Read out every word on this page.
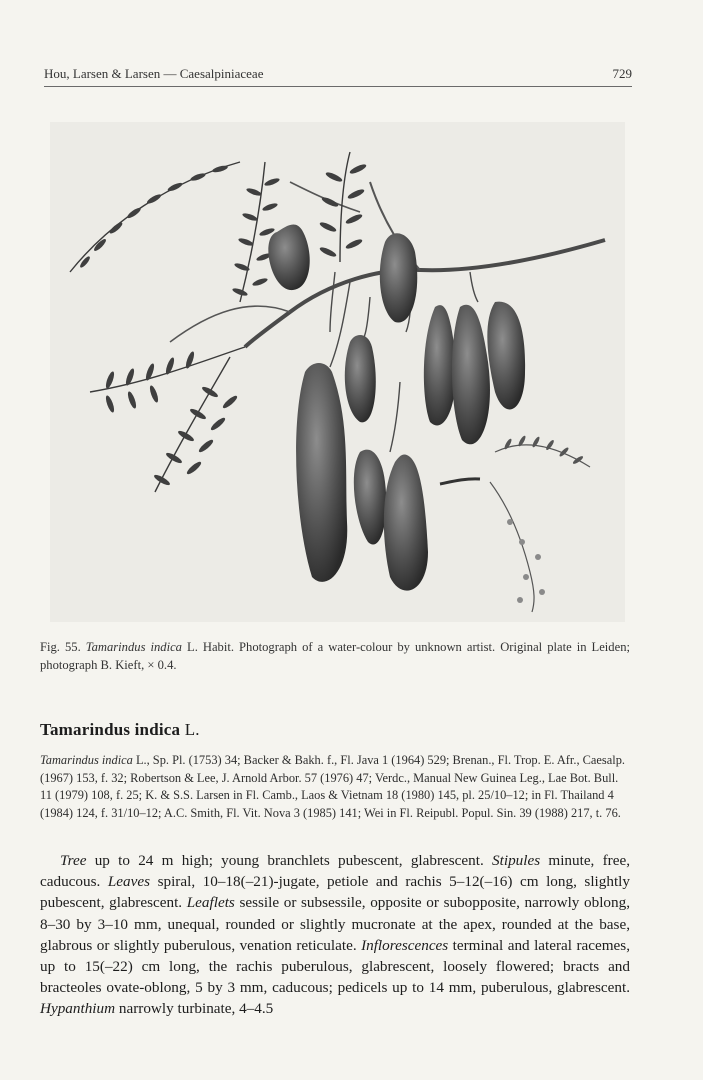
Hou, Larsen & Larsen — Caesalpiniaceae	729
Fig. 55. Tamarindus indica L. Habit. Photograph of a water-colour by unknown artist. Original plate in Leiden; photograph B. Kieft, × 0.4.
Tamarindus indica L.

Tamarindus indica L., Sp. Pl. (1753) 34; Backer & Bakh. f., Fl. Java 1 (1964) 529; Brenan., Fl. Trop. E. Afr., Caesalp. (1967) 153, f. 32; Robertson & Lee, J. Arnold Arbor. 57 (1976) 47; Verdc., Manual New Guinea Leg., Lae Bot. Bull. 11 (1979) 108, f. 25; K. & S.S. Larsen in Fl. Camb., Laos & Vietnam 18 (1980) 145, pl. 25/10–12; in Fl. Thailand 4 (1984) 124, f. 31/10–12; A.C. Smith, Fl. Vit. Nova 3 (1985) 141; Wei in Fl. Reipubl. Popul. Sin. 39 (1988) 217, t. 76.

Tree up to 24 m high; young branchlets pubescent, glabrescent. Stipules minute, free, caducous. Leaves spiral, 10–18(–21)-jugate, petiole and rachis 5–12(–16) cm long, slightly pubescent, glabrescent. Leaflets sessile or subsessile, opposite or subopposite, narrowly oblong, 8–30 by 3–10 mm, unequal, rounded or slightly mucronate at the apex, rounded at the base, glabrous or slightly puberulous, venation reticulate. Inflorescences terminal and lateral racemes, up to 15(–22) cm long, the rachis puberulous, glabrescent, loosely flowered; bracts and bracteoles ovate-oblong, 5 by 3 mm, caducous; pedicels up to 14 mm, puberulous, glabrescent. Hypanthium narrowly turbinate, 4–4.5
